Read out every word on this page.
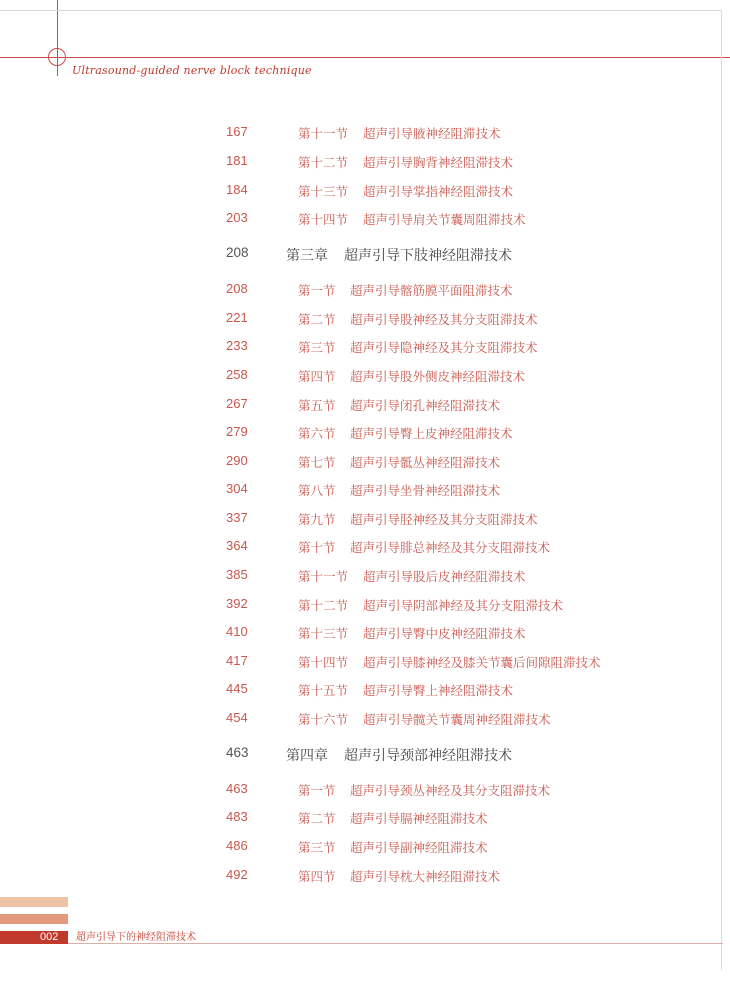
Ultrasound-guided nerve block technique
167	第十一节 超声引导腋神经阻滞技术
181	第十二节 超声引导胸背神经阻滞技术
184	第十三节 超声引导掌指神经阻滞技术
203	第十四节 超声引导肩关节囊周阻滞技术
208	第三章 超声引导下肢神经阻滞技术
208	第一节 超声引导髂筋膜平面阻滞技术
221	第二节 超声引导股神经及其分支阻滞技术
233	第三节 超声引导隐神经及其分支阻滞技术
258	第四节 超声引导股外侧皮神经阻滞技术
267	第五节 超声引导闭孔神经阻滞技术
279	第六节 超声引导臀上皮神经阻滞技术
290	第七节 超声引导骶丛神经阻滞技术
304	第八节 超声引导坐骨神经阻滞技术
337	第九节 超声引导胫神经及其分支阻滞技术
364	第十节 超声引导腓总神经及其分支阻滞技术
385	第十一节 超声引导股后皮神经阻滞技术
392	第十二节 超声引导阴部神经及其分支阻滞技术
410	第十三节 超声引导臀中皮神经阻滞技术
417	第十四节 超声引导膝神经及膝关节囊后间隙阻滞技术
445	第十五节 超声引导臀上神经阻滞技术
454	第十六节 超声引导髋关节囊周神经阻滞技术
463	第四章 超声引导颈部神经阻滞技术
463	第一节 超声引导颈丛神经及其分支阻滞技术
483	第二节 超声引导膈神经阻滞技术
486	第三节 超声引导副神经阻滞技术
492	第四节 超声引导枕大神经阻滞技术
002 超声引导下的神经阻滞技术
